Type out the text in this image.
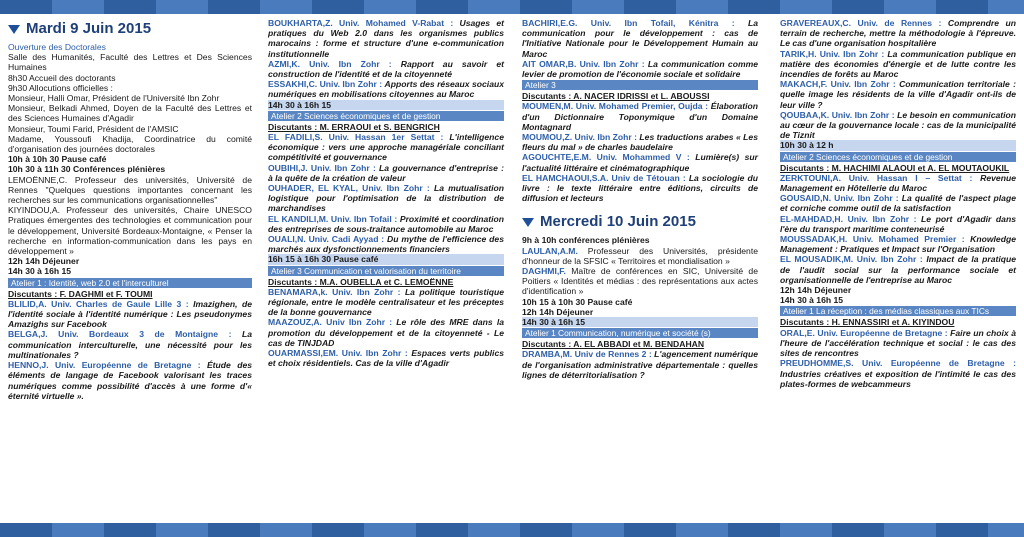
Mardi 9 Juin 2015
Ouverture des Doctorales
Salle des Humanités, Faculté des Lettres et Des Sciences Humaines
8h30 Accueil des doctorants
9h30 Allocutions officielles :
Monsieur, Halli Omar, Président de l'Université Ibn Zohr
Monsieur, Belkadi Ahmed, Doyen de la Faculté des Lettres et des Sciences Humaines d'Agadir
Monsieur, Toumi Farid, Président de l'AMSIC
Madame, Youssoufi Khadija, Coordinatrice du comité d'organisation des journées doctorales
10h à 10h 30 Pause café
10h 30 à 11h 30 Conférences plénières
LEMOËNNE,C. Professeur des universités, Université de Rennes "Quelques questions importantes concernant les recherches sur les communications organisationnelles"
KIYINDOU,A. Professeur des universités, Chaire UNESCO Pratiques émergentes des technologies et communication pour le développement, Université Bordeaux-Montaigne, « Penser la recherche en information-communication dans les pays en développement »
12h 14h Déjeuner
14h 30 à 16h 15
Atelier 1 : Identité, web 2.0 et l'interculturel
Discutants : F. DAGHMI et F. TOUMI
BLILID,A. Univ. Charles de Gaule Lille 3 : Imazighen, de l'identité sociale à l'identité numérique : Les pseudonymes Amazighs sur Facebook
BELGA,J. Univ. Bordeaux 3 de Montaigne : La communication interculturelle, une nécessité pour les multinationales ?
HENNO,J. Univ. Européenne de Bretagne : Étude des éléments de langage de Facebook valorisant les traces numériques comme possibilité d'accès à une forme d'« éternité virtuelle ».
BOUKHARTA,Z. Univ. Mohamed V-Rabat : Usages et pratiques du Web 2.0 dans les organismes publics marocains : forme et structure d'une e-communication institutionnelle
AZMI,K. Univ. Ibn Zohr : Rapport au savoir et construction de l'identité et de la citoyenneté
ESSAKHI,C. Univ. Ibn Zohr : Apports des réseaux sociaux numériques en mobilisations citoyennes au Maroc
14h 30 à 16h 15
Atelier 2 Sciences économiques et de gestion
Discutants : M. ERRAOUI et S. BENGRICH
EL FADILI,S. Univ. Hassan 1er Settat : L'intelligence économique : vers une approche managériale conciliant compétitivité et gouvernance
OUBIHI,J. Univ. Ibn Zohr : La gouvernance d'entreprise : à la quête de la création de valeur
OUHADER, EL KYAL, Univ. Ibn Zohr : La mutualisation logistique pour l'optimisation de la distribution de marchandises
EL KANDILI,M. Univ. Ibn Tofail : Proximité et coordination des entreprises de sous-traitance automobile au Maroc
OUALI,N. Univ. Cadi Ayyad : Du mythe de l'efficience des marchés aux dysfonctionnements financiers
16h 15 à 16h 30 Pause café
Atelier 3 Communication et valorisation du territoire
Discutants : M.A. OUBELLA et C. LEMOËNNE
BENAMARA,k. Univ. Ibn Zohr : La politique touristique régionale, entre le modèle centralisateur et les préceptes de la bonne gouvernance
MAAZOUZ,A. Univ Ibn Zohr : Le rôle des MRE dans la promotion du développement et de la citoyenneté - Le cas de TINJDAD
OUARMASSI,EM. Univ. Ibn Zohr : Espaces verts publics et choix résidentiels. Cas de la ville d'Agadir
BACHIRI,E.G. Univ. Ibn Tofail, Kénitra : La communication pour le développement : cas de l'Initiative Nationale pour le Développement Humain au Maroc
AIT OMAR,B. Univ. Ibn Zohr : La communication comme levier de promotion de l'économie sociale et solidaire
Atelier 3
Discutants : A. NACER IDRISSI et L. ABOUSSI
MOUMEN,M. Univ. Mohamed Premier, Oujda : Élaboration d'un Dictionnaire Toponymique d'un Domaine Montagnard
MOUMOU,Z. Univ. Ibn Zohr : Les traductions arabes « Les fleurs du mal » de charles baudelaire
AGOUCHTE,E.M. Univ. Mohammed V : Lumière(s) sur l'actualité littéraire et cinématographique
EL HAMCHAOUI,S.A. Univ de Tétouan : La sociologie du livre : le texte littéraire entre éditions, circuits de diffusion et lecteurs
Mercredi 10 Juin 2015
9h à 10h conférences plénières
LAULAN,A.M. Professeur des Universités, présidente d'honneur de la SFSIC « Territoires et mondialisation »
DAGHMI,F. Maître de conférences en SIC, Université de Poitiers « Identités et médias : des représentations aux actes d'identification »
10h 15 à 10h 30 Pause café
12h 14h Déjeuner
14h 30 à 16h 15
Atelier 1 Communication, numérique et société (s)
Discutants : A. EL ABBADI et M. BENDAHAN
DRAMBA,M. Univ de Rennes 2 : L'agencement numérique de l'organisation administrative départementale : quelles lignes de déterritorialisation ?
GRAVEREAUX,C. Univ. de Rennes : Comprendre un terrain de recherche, mettre la méthodologie à l'épreuve. Le cas d'une organisation hospitalière
TARIK,H. Univ. Ibn Zohr : La communication publique en matière des économies d'énergie et de lutte contre les incendies de forêts au Maroc
MAKACH,F. Univ. Ibn Zohr : Communication territoriale : quelle image les résidents de la ville d'Agadir ont-ils de leur ville ?
QOUBAA,K. Univ. Ibn Zohr : Le besoin en communication au cœur de la gouvernance locale : cas de la municipalité de Tiznit
10h 30 à 12 h
Atelier 2 Sciences économiques et de gestion
Discutants : M. HACHIMI ALAOUI et A. EL MOUTAOUKIL
ZERKTOUNI,A. Univ. Hassan I – Settat : Revenue Management en Hôtellerie du Maroc
GOUSAID,N. Univ. Ibn Zohr : La qualité de l'aspect plage et corniche comme outil de la satisfaction
EL-MAHDAD,H. Univ. Ibn Zohr : Le port d'Agadir dans l'ère du transport maritime conteneurisé
MOUSSADAK,H. Univ. Mohamed Premier : Knowledge Management : Pratiques et Impact sur l'Organisation
EL MOUSADIK,M. Univ. Ibn Zohr : Impact de la pratique de l'audit social sur la performance sociale et organisationnelle de l'entreprise au Maroc
12h 14h Déjeuner
14h 30 à 16h 15
Atelier 1 La réception : des médias classiques aux TICs
Discutants : H. ENNASSIRI et A. KIYINDOU
ORAL,E. Univ. Européenne de Bretagne : Faire un choix à l'heure de l'accélération technique et social : le cas des sites de rencontres
PREUDHOMME,S. Univ. Européenne de Bretagne : Industries créatives et exposition de l'intimité le cas des plates-formes de webcammeurs
